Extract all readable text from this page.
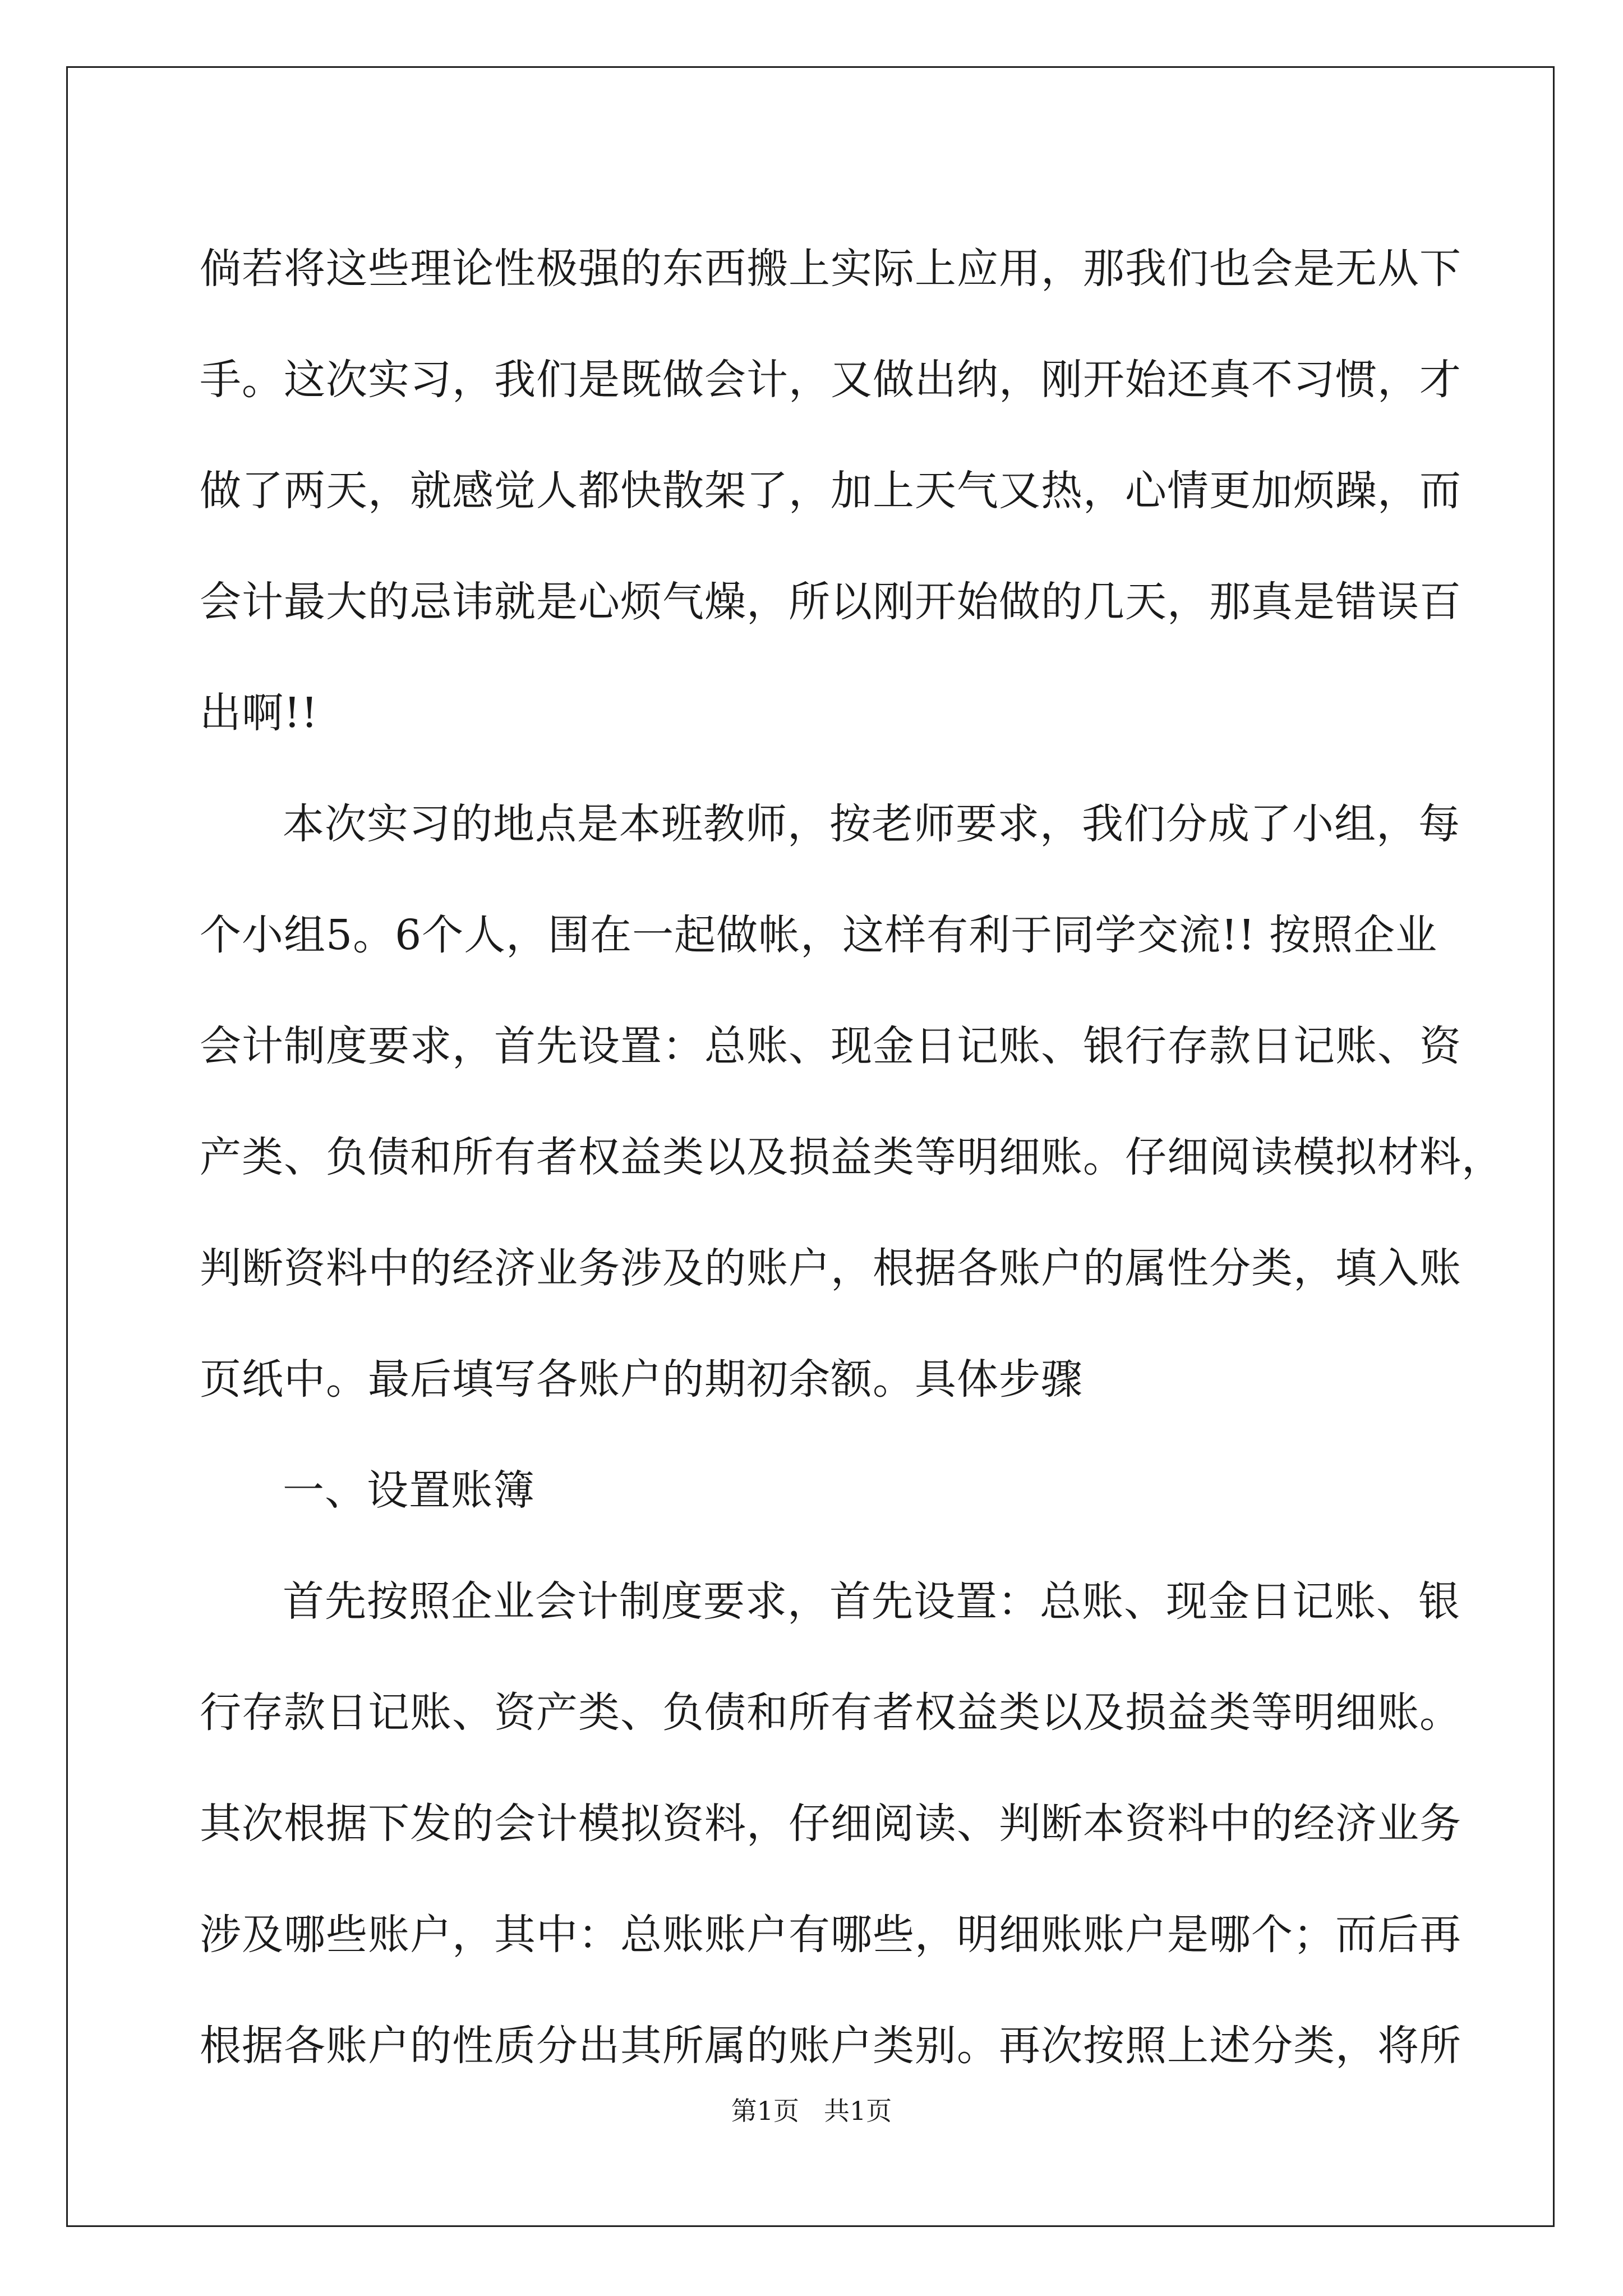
倘若将这些理论性极强的东西搬上实际上应用，那我们也会是无从下
手。这次实习，我们是既做会计，又做出纳，刚开始还真不习惯，才
做了两天，就感觉人都快散架了，加上天气又热，心情更加烦躁，而
会计最大的忌讳就是心烦气燥，所以刚开始做的几天，那真是错误百
出啊!!
本次实习的地点是本班教师，按老师要求，我们分成了小组，每
个小组5。6个人，围在一起做帐，这样有利于同学交流!! 按照企业
会计制度要求，首先设置：总账、现金日记账、银行存款日记账、资
产类、负债和所有者权益类以及损益类等明细账。仔细阅读模拟材料，
判断资料中的经济业务涉及的账户，根据各账户的属性分类，填入账
页纸中。最后填写各账户的期初余额。具体步骤
一、设置账簿
首先按照企业会计制度要求，首先设置：总账、现金日记账、银
行存款日记账、资产类、负债和所有者权益类以及损益类等明细账。
其次根据下发的会计模拟资料，仔细阅读、判断本资料中的经济业务
涉及哪些账户，其中：总账账户有哪些，明细账账户是哪个；而后再
根据各账户的性质分出其所属的账户类别。再次按照上述分类，将所
第1页 共1页
